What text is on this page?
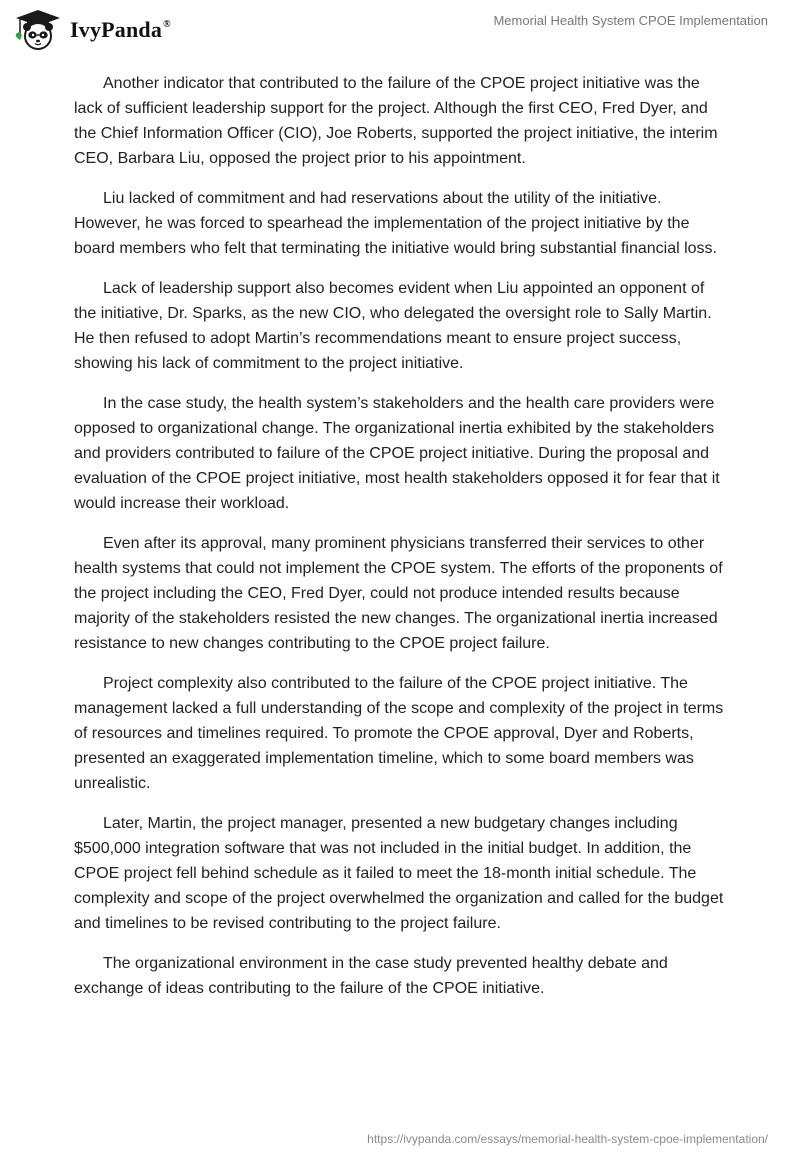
IvyPanda®	Memorial Health System CPOE Implementation

Another indicator that contributed to the failure of the CPOE project initiative was the lack of sufficient leadership support for the project. Although the first CEO, Fred Dyer, and the Chief Information Officer (CIO), Joe Roberts, supported the project initiative, the interim CEO, Barbara Liu, opposed the project prior to his appointment.

Liu lacked of commitment and had reservations about the utility of the initiative. However, he was forced to spearhead the implementation of the project initiative by the board members who felt that terminating the initiative would bring substantial financial loss.

Lack of leadership support also becomes evident when Liu appointed an opponent of the initiative, Dr. Sparks, as the new CIO, who delegated the oversight role to Sally Martin. He then refused to adopt Martin’s recommendations meant to ensure project success, showing his lack of commitment to the project initiative.

In the case study, the health system’s stakeholders and the health care providers were opposed to organizational change. The organizational inertia exhibited by the stakeholders and providers contributed to failure of the CPOE project initiative. During the proposal and evaluation of the CPOE project initiative, most health stakeholders opposed it for fear that it would increase their workload.

Even after its approval, many prominent physicians transferred their services to other health systems that could not implement the CPOE system. The efforts of the proponents of the project including the CEO, Fred Dyer, could not produce intended results because majority of the stakeholders resisted the new changes. The organizational inertia increased resistance to new changes contributing to the CPOE project failure.

Project complexity also contributed to the failure of the CPOE project initiative. The management lacked a full understanding of the scope and complexity of the project in terms of resources and timelines required. To promote the CPOE approval, Dyer and Roberts, presented an exaggerated implementation timeline, which to some board members was unrealistic.

Later, Martin, the project manager, presented a new budgetary changes including $500,000 integration software that was not included in the initial budget. In addition, the CPOE project fell behind schedule as it failed to meet the 18-month initial schedule. The complexity and scope of the project overwhelmed the organization and called for the budget and timelines to be revised contributing to the project failure.

The organizational environment in the case study prevented healthy debate and exchange of ideas contributing to the failure of the CPOE initiative.

https://ivypanda.com/essays/memorial-health-system-cpoe-implementation/
